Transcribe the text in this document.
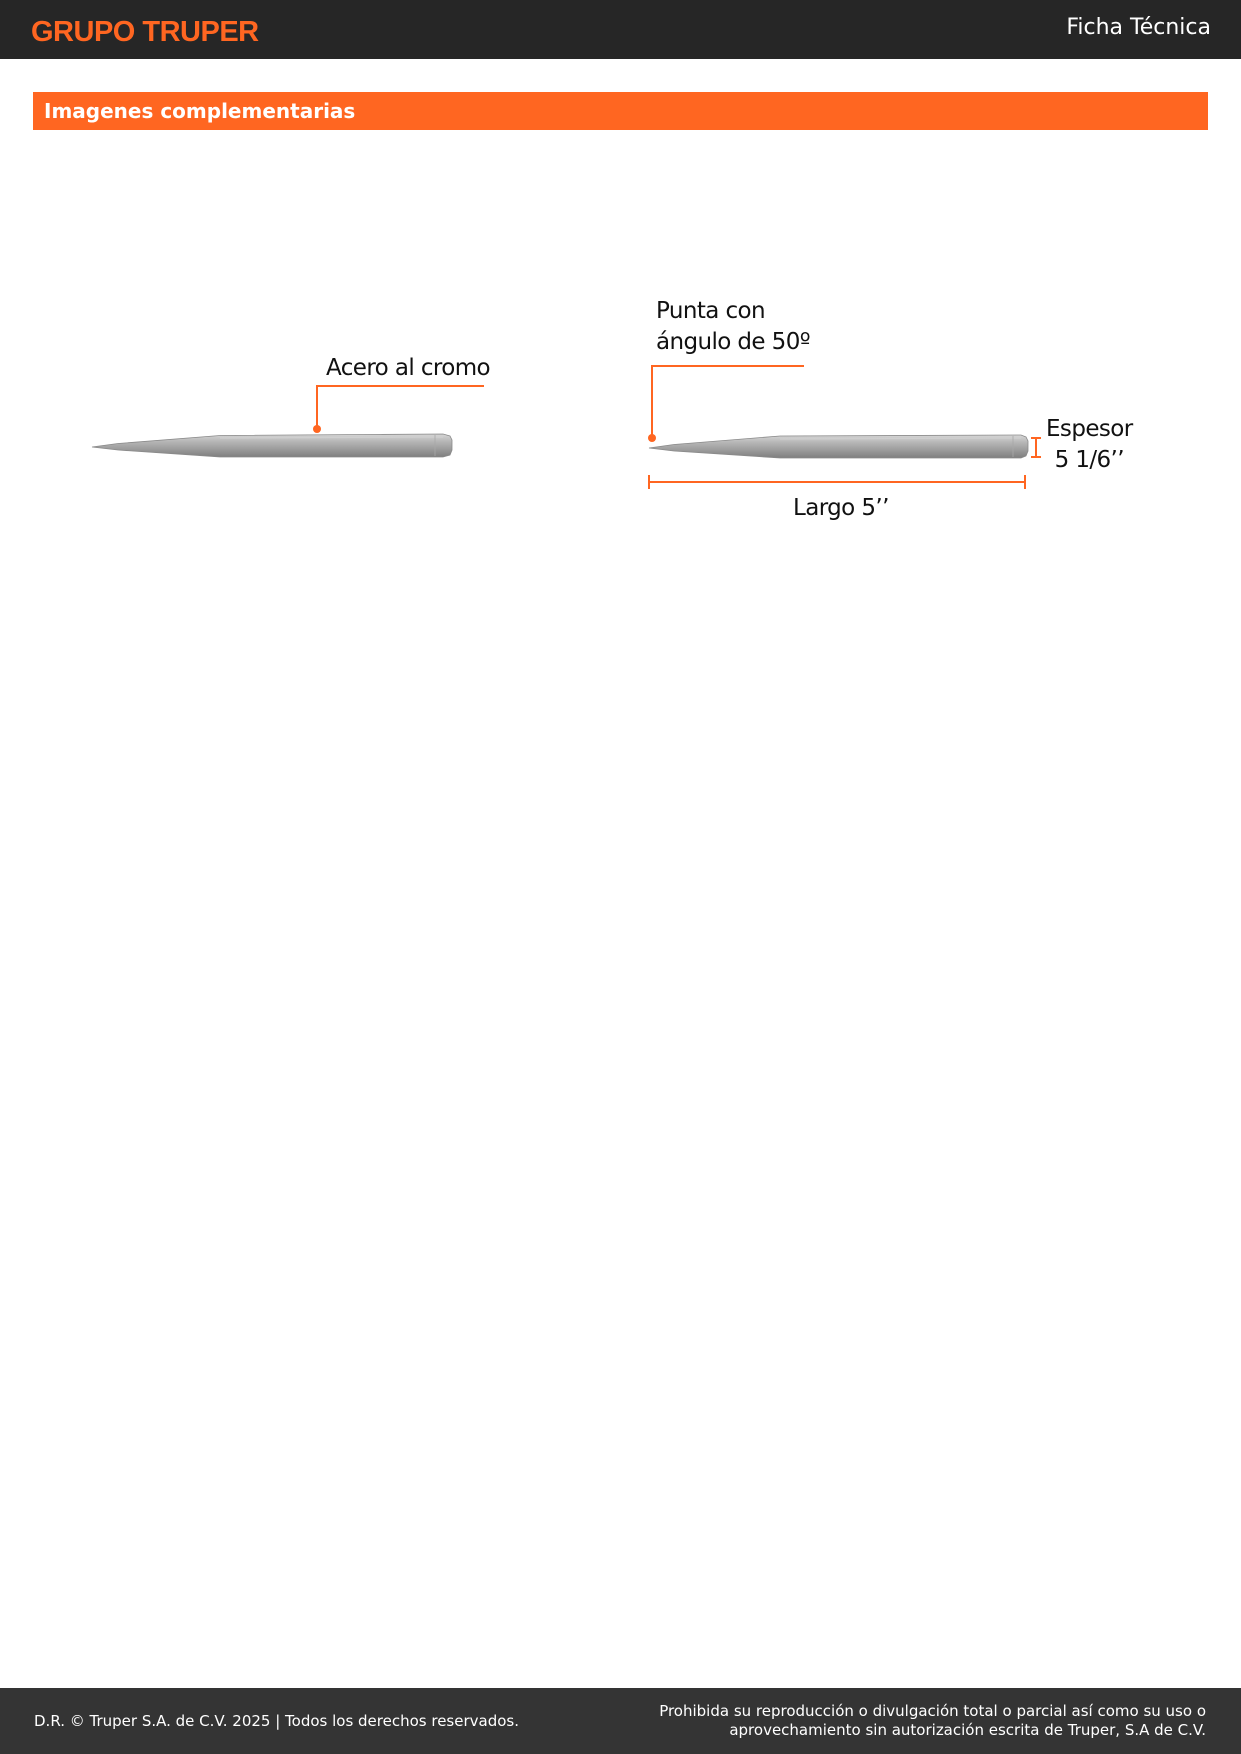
GRUPO TRUPER	Ficha Técnica
Imagenes complementarias
Acero al cromo
Punta con
ángulo de 50º
Espesor
5 1/6’’
Largo 5’’
D.R. © Truper S.A. de C.V. 2025 | Todos los derechos reservados.
Prohibida su reproducción o divulgación total o parcial así como su uso o aprovechamiento sin autorización escrita de Truper, S.A de C.V.
